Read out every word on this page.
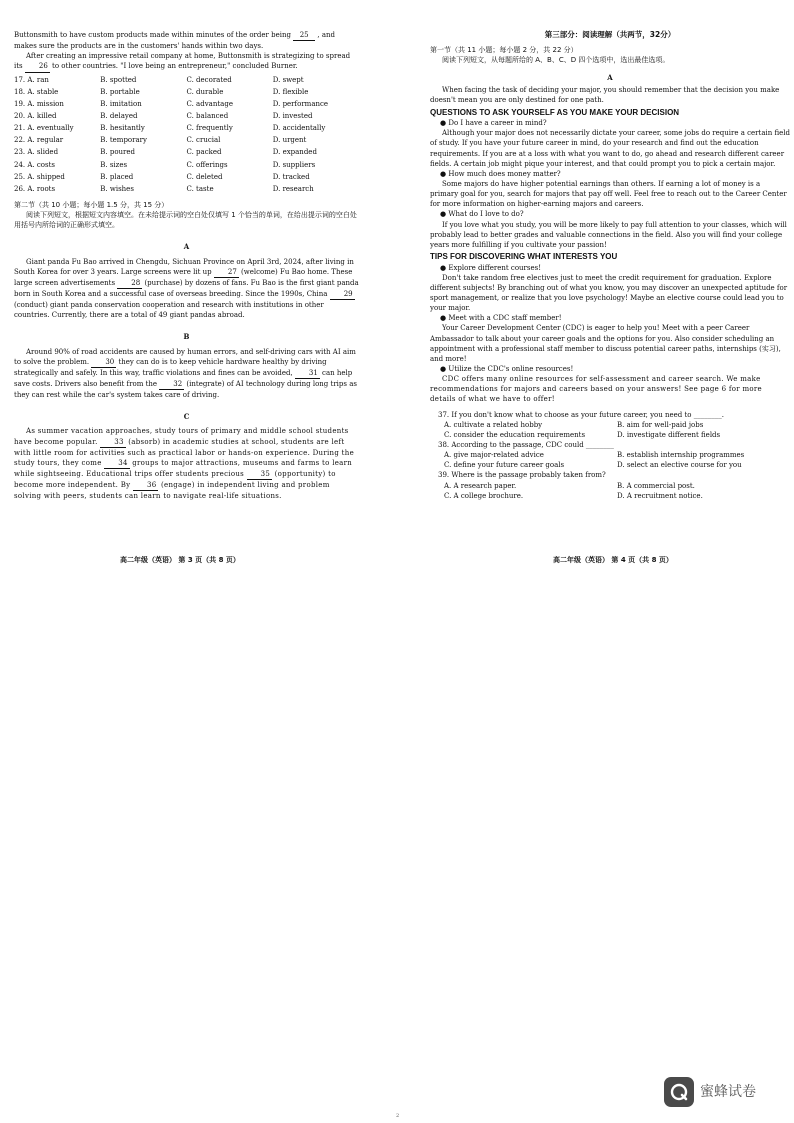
Buttonsmith to have custom products made within minutes of the order being 25 , and makes sure the products are in the customers' hands within two days.

After creating an impressive retail company at home, Buttonsmith is strategizing to spread its 26 to other countries. "I love being an entrepreneur," concluded Burner.

17. A. ran	B. spotted	C. decorated	D. swept
18. A. stable	B. portable	C. durable	D. flexible
19. A. mission	B. imitation	C. advantage	D. performance
20. A. killed	B. delayed	C. balanced	D. invested
21. A. eventually	B. hesitantly	C. frequently	D. accidentally
22. A. regular	B. temporary	C. crucial	D. urgent
23. A. slided	B. poured	C. packed	D. expanded
24. A. costs	B. sizes	C. offerings	D. suppliers
25. A. shipped	B. placed	C. deleted	D. tracked
26. A. roots	B. wishes	C. taste	D. research

第二节（共 10 小题；每小题 1.5 分，共 15 分）

阅读下列短文，根据短文内容填空。在未给提示词的空白处仅填写 1 个恰当的单词，在给出提示词的空白处用括号内所给词的正确形式填空。

A

Giant panda Fu Bao arrived in Chengdu, Sichuan Province on April 3rd, 2024, after living in South Korea for over 3 years. Large screens were lit up 27 (welcome) Fu Bao home. These large screen advertisements 28 (purchase) by dozens of fans. Fu Bao is the first giant panda born in South Korea and a successful case of overseas breeding. Since the 1990s, China 29 (conduct) giant panda conservation cooperation and research with institutions in other countries. Currently, there are a total of 49 giant pandas abroad.

B

Around 90% of road accidents are caused by human errors, and self-driving cars with AI aim to solve the problem. 30 they can do is to keep vehicle hardware healthy by driving strategically and safely. In this way, traffic violations and fines can be avoided, 31 can help save costs. Drivers also benefit from the 32 (integrate) of AI technology during long trips as they can rest while the car's system takes care of driving.

C

As summer vacation approaches, study tours of primary and middle school students have become popular. 33 (absorb) in academic studies at school, students are left with little room for activities such as practical labor or hands-on experience. During the study tours, they come 34 groups to major attractions, museums and farms to learn while sightseeing. Educational trips offer students precious 35 (opportunity) to become more independent. By 36 (engage) in independent living and problem solving with peers, students can learn to navigate real-life situations.

高二年级（英语） 第 3 页（共 8 页）

第三部分：阅读理解（共两节，32分）

第一节（共 11 小题；每小题 2 分，共 22 分）

阅读下列短文，从每题所给的 A、B、C、D 四个选项中，选出最佳选项。

A

When facing the task of deciding your major, you should remember that the decision you make doesn't mean you are only destined for one path.

QUESTIONS TO ASK YOURSELF AS YOU MAKE YOUR DECISION

● Do I have a career in mind?

Although your major does not necessarily dictate your career, some jobs do require a certain field of study. If you have your future career in mind, do your research and find out the education requirements. If you are at a loss with what you want to do, go ahead and research different career fields. A certain job might pique your interest, and that could prompt you to pick a certain major.

● How much does money matter?

Some majors do have higher potential earnings than others. If earning a lot of money is a primary goal for you, search for majors that pay off well. Feel free to reach out to the Career Center for more information on higher-earning majors and careers.

● What do I love to do?

If you love what you study, you will be more likely to pay full attention to your classes, which will probably lead to better grades and valuable connections in the field. Also you will find your college years more fulfilling if you cultivate your passion!

TIPS FOR DISCOVERING WHAT INTERESTS YOU

● Explore different courses!

Don't take random free electives just to meet the credit requirement for graduation. Explore different subjects! By branching out of what you know, you may discover an unexpected aptitude for sport management, or realize that you love psychology! Maybe an elective course could lead you to your major.

● Meet with a CDC staff member!

Your Career Development Center (CDC) is eager to help you! Meet with a peer Career Ambassador to talk about your career goals and the options for you. Also consider scheduling an appointment with a professional staff member to discuss potential career paths, internships (实习), and more!

● Utilize the CDC's online resources!

CDC offers many online resources for self-assessment and career search. We make recommendations for majors and careers based on your answers! See page 6 for more details of what we have to offer!

37. If you don't know what to choose as your future career, you need to ________.

A. cultivate a related hobby	B. aim for well-paid jobs
C. consider the education requirements	D. investigate different fields

38. According to the passage, CDC could ________

A. give major-related advice	B. establish internship programmes
C. define your future career goals	D. select an elective course for you

39. Where is the passage probably taken from?

A. A research paper.	B. A commercial post.
C. A college brochure.	D. A recruitment notice.
高二年级（英语） 第 4 页（共 8 页）
蜜蜂试卷
2
